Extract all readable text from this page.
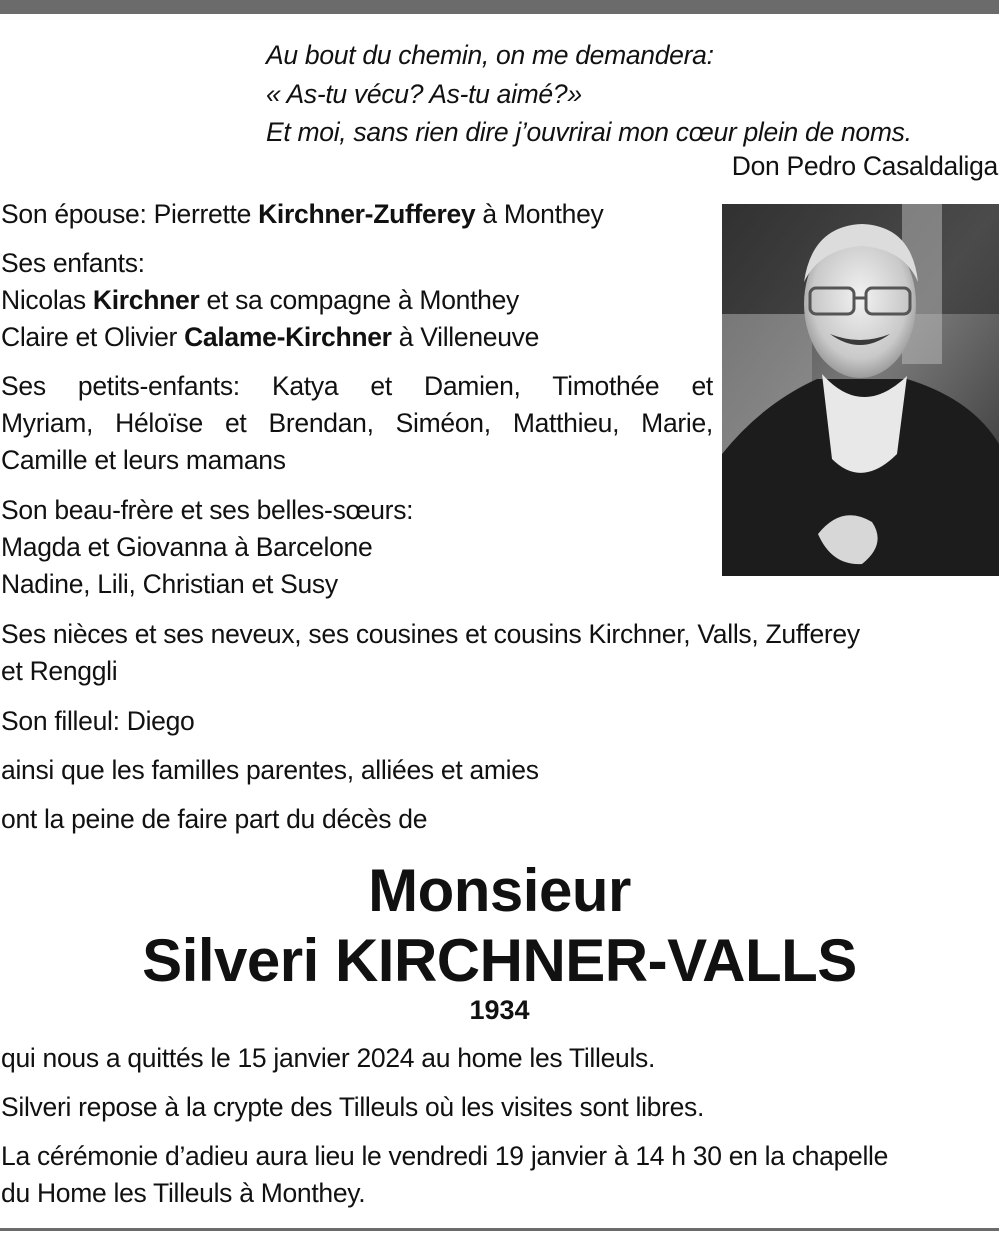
Au bout du chemin, on me demandera:
« As-tu vécu? As-tu aimé?»
Et moi, sans rien dire j’ouvrirai mon cœur plein de noms.
Don Pedro Casaldaliga
Son épouse: Pierrette Kirchner-Zufferey à Monthey
Ses enfants:
Nicolas Kirchner et sa compagne à Monthey
Claire et Olivier Calame-Kirchner à Villeneuve
Ses petits-enfants: Katya et Damien, Timothée et
Myriam, Héloïse et Brendan, Siméon, Matthieu, Marie,
Camille et leurs mamans
Son beau-frère et ses belles-sœurs:
Magda et Giovanna à Barcelone
Nadine, Lili, Christian et Susy
Ses nièces et ses neveux, ses cousines et cousins Kirchner, Valls, Zufferey
et Renggli
Son filleul: Diego
ainsi que les familles parentes, alliées et amies
ont la peine de faire part du décès de
Monsieur
Silveri KIRCHNER-VALLS
1934
qui nous a quittés le 15 janvier 2024 au home les Tilleuls.
Silveri repose à la crypte des Tilleuls où les visites sont libres.
La cérémonie d’adieu aura lieu le vendredi 19 janvier à 14 h 30 en la chapelle
du Home les Tilleuls à Monthey.
